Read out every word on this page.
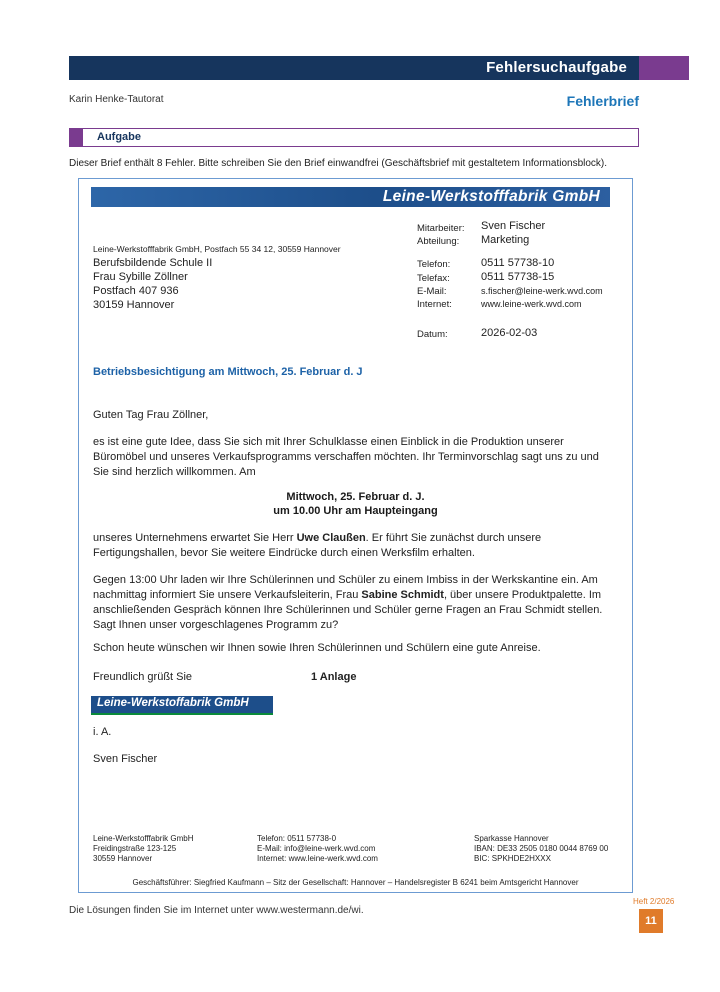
Fehlersuchaufgabe
Karin Henke-Tautorat	Fehlerbrief
Aufgabe
Dieser Brief enthält 8 Fehler. Bitte schreiben Sie den Brief einwandfrei (Geschäftsbrief mit gestaltetem Informationsblock).
Leine-Werkstofffabrik GmbH
Mitarbeiter: Sven Fischer
Abteilung: Marketing
Telefon:	0511 57738-10
Telefax:	0511 57738-15
E-Mail:	s.fischer@leine-werk.wvd.com
Internet:	www.leine-werk.wvd.com
Datum:	2026-02-03
Leine-Werkstofffabrik GmbH, Postfach 55 34 12, 30559 Hannover
Berufsbildende Schule II
Frau Sybille Zöllner
Postfach 407 936
30159 Hannover
Betriebsbesichtigung am Mittwoch, 25. Februar d. J
Guten Tag Frau Zöllner,
es ist eine gute Idee, dass Sie sich mit Ihrer Schulklasse einen Einblick in die Produktion unserer Büromöbel und unseres Verkaufsprogramms verschaffen möchten. Ihr Terminvorschlag sagt uns zu und Sie sind herzlich willkommen. Am
Mittwoch, 25. Februar d. J.
um 10.00 Uhr am Haupteingang
unseres Unternehmens erwartet Sie Herr Uwe Claußen. Er führt Sie zunächst durch unsere Fertigungshallen, bevor Sie weitere Eindrücke durch einen Werksfilm erhalten.
Gegen 13:00 Uhr laden wir Ihre Schülerinnen und Schüler zu einem Imbiss in der Werkskantine ein. Am nachmittag informiert Sie unsere Verkaufsleiterin, Frau Sabine Schmidt, über unsere Produktpalette. Im anschließenden Gespräch können Ihre Schülerinnen und Schüler gerne Fragen an Frau Schmidt stellen. Sagt Ihnen unser vorgeschlagenes Programm zu?
Schon heute wünschen wir Ihnen sowie Ihren Schülerinnen und Schülern eine gute Anreise.
Freundlich grüßt Sie	1 Anlage
Leine-Werkstoffabrik GmbH
i. A.
Sven Fischer
Leine-Werkstofffabrik GmbH
Freidingstraße 123-125
30559 Hannover
Telefon: 0511 57738-0
E-Mail: info@leine-werk.wvd.com
Internet: www.leine-werk.wvd.com
Sparkasse Hannover
IBAN: DE33 2505 0180 0044 8769 00
BIC: SPKHDE2HXXX
Geschäftsführer: Siegfried Kaufmann – Sitz der Gesellschaft: Hannover – Handelsregister B 6241 beim Amtsgericht Hannover
Die Lösungen finden Sie im Internet unter www.westermann.de/wi.
Heft 2/2026
11
